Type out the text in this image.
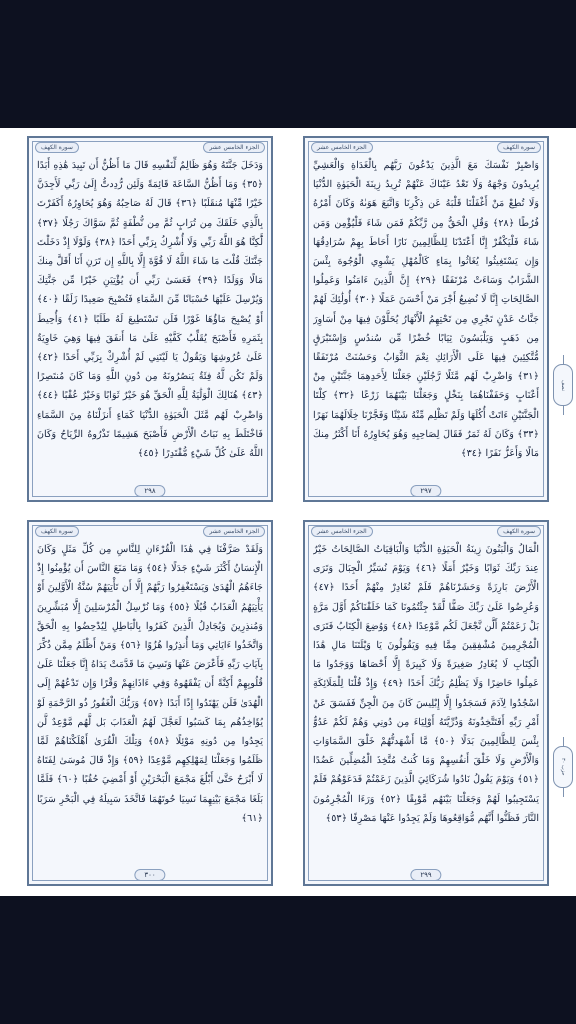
الجزء الخامس عشر	سورة الكهف

وَاصْبِرْ نَفْسَكَ مَعَ الَّذِينَ يَدْعُونَ رَبَّهُم بِالْغَدَاةِ وَالْعَشِيِّ يُرِيدُونَ وَجْهَهُ وَلَا تَعْدُ عَيْنَاكَ عَنْهُمْ تُرِيدُ زِينَةَ الْحَيَوٰةِ الدُّنْيَا وَلَا تُطِعْ مَنْ أَغْفَلْنَا قَلْبَهُ عَن ذِكْرِنَا وَاتَّبَعَ هَوَىٰهُ وَكَانَ أَمْرُهُ فُرُطًا ﴿٢٨﴾ وَقُلِ الْحَقُّ مِن رَّبِّكُمْ فَمَن شَاءَ فَلْيُؤْمِن وَمَن شَاءَ فَلْيَكْفُرْ إِنَّا أَعْتَدْنَا لِلظَّالِمِينَ نَارًا أَحَاطَ بِهِمْ سُرَادِقُهَا وَإِن يَسْتَغِيثُوا يُغَاثُوا بِمَاءٍ كَالْمُهْلِ يَشْوِي الْوُجُوهَ بِئْسَ الشَّرَابُ وَسَاءَتْ مُرْتَفَقًا ﴿٢٩﴾ إِنَّ الَّذِينَ ءَامَنُوا وَعَمِلُوا الصَّالِحَاتِ إِنَّا لَا نُضِيعُ أَجْرَ مَنْ أَحْسَنَ عَمَلًا ﴿٣٠﴾ أُولَٰئِكَ لَهُمْ جَنَّاتُ عَدْنٍ تَجْرِي مِن تَحْتِهِمُ الْأَنْهَارُ يُحَلَّوْنَ فِيهَا مِنْ أَسَاوِرَ مِن ذَهَبٍ وَيَلْبَسُونَ ثِيَابًا خُضْرًا مِّن سُندُسٍ وَإِسْتَبْرَقٍ مُّتَّكِئِينَ فِيهَا عَلَى الْأَرَائِكِ نِعْمَ الثَّوَابُ وَحَسُنَتْ مُرْتَفَقًا ﴿٣١﴾ وَاضْرِبْ لَهُم مَّثَلًا رَّجُلَيْنِ جَعَلْنَا لِأَحَدِهِمَا جَنَّتَيْنِ مِنْ أَعْنَابٍ وَحَفَفْنَاهُمَا بِنَخْلٍ وَجَعَلْنَا بَيْنَهُمَا زَرْعًا ﴿٣٢﴾ كِلْتَا الْجَنَّتَيْنِ ءَاتَتْ أُكُلَهَا وَلَمْ تَظْلِم مِّنْهُ شَيْئًا وَفَجَّرْنَا خِلَالَهُمَا نَهَرًا ﴿٣٣﴾ وَكَانَ لَهُ ثَمَرٌ فَقَالَ لِصَاحِبِهِ وَهُوَ يُحَاوِرُهُ أَنَا أَكْثَرُ مِنكَ مَالًا وَأَعَزُّ نَفَرًا ﴿٣٤﴾

٢٩٧
سورة الكهف	الجزء الخامس عشر

وَدَخَلَ جَنَّتَهُ وَهُوَ ظَالِمٌ لِّنَفْسِهِ قَالَ مَا أَظُنُّ أَن تَبِيدَ هَٰذِهِ أَبَدًا ﴿٣٥﴾ وَمَا أَظُنُّ السَّاعَةَ قَائِمَةً وَلَئِن رُّدِدتُّ إِلَىٰ رَبِّي لَأَجِدَنَّ خَيْرًا مِّنْهَا مُنقَلَبًا ﴿٣٦﴾ قَالَ لَهُ صَاحِبُهُ وَهُوَ يُحَاوِرُهُ أَكَفَرْتَ بِالَّذِي خَلَقَكَ مِن تُرَابٍ ثُمَّ مِن نُّطْفَةٍ ثُمَّ سَوَّاكَ رَجُلًا ﴿٣٧﴾ لَّٰكِنَّا هُوَ اللَّهُ رَبِّي وَلَا أُشْرِكُ بِرَبِّي أَحَدًا ﴿٣٨﴾ وَلَوْلَا إِذْ دَخَلْتَ جَنَّتَكَ قُلْتَ مَا شَاءَ اللَّهُ لَا قُوَّةَ إِلَّا بِاللَّهِ إِن تَرَنِ أَنَا أَقَلَّ مِنكَ مَالًا وَوَلَدًا ﴿٣٩﴾ فَعَسَىٰ رَبِّي أَن يُؤْتِيَنِ خَيْرًا مِّن جَنَّتِكَ وَيُرْسِلَ عَلَيْهَا حُسْبَانًا مِّنَ السَّمَاءِ فَتُصْبِحَ صَعِيدًا زَلَقًا ﴿٤٠﴾ أَوْ يُصْبِحَ مَاؤُهَا غَوْرًا فَلَن تَسْتَطِيعَ لَهُ طَلَبًا ﴿٤١﴾ وَأُحِيطَ بِثَمَرِهِ فَأَصْبَحَ يُقَلِّبُ كَفَّيْهِ عَلَىٰ مَا أَنفَقَ فِيهَا وَهِيَ خَاوِيَةٌ عَلَىٰ عُرُوشِهَا وَيَقُولُ يَا لَيْتَنِي لَمْ أُشْرِكْ بِرَبِّي أَحَدًا ﴿٤٢﴾ وَلَمْ تَكُن لَّهُ فِئَةٌ يَنصُرُونَهُ مِن دُونِ اللَّهِ وَمَا كَانَ مُنتَصِرًا ﴿٤٣﴾ هُنَالِكَ الْوَلَٰيَةُ لِلَّهِ الْحَقِّ هُوَ خَيْرٌ ثَوَابًا وَخَيْرٌ عُقْبًا ﴿٤٤﴾ وَاضْرِبْ لَهُم مَّثَلَ الْحَيَوٰةِ الدُّنْيَا كَمَاءٍ أَنزَلْنَاهُ مِنَ السَّمَاءِ فَاخْتَلَطَ بِهِ نَبَاتُ الْأَرْضِ فَأَصْبَحَ هَشِيمًا تَذْرُوهُ الرِّيَاحُ وَكَانَ اللَّهُ عَلَىٰ كُلِّ شَيْءٍ مُّقْتَدِرًا ﴿٤٥﴾

٢٩٨
الجزء الخامس عشر	سورة الكهف

الْمَالُ وَالْبَنُونَ زِينَةُ الْحَيَوٰةِ الدُّنْيَا وَالْبَاقِيَاتُ الصَّالِحَاتُ خَيْرٌ عِندَ رَبِّكَ ثَوَابًا وَخَيْرٌ أَمَلًا ﴿٤٦﴾ وَيَوْمَ نُسَيِّرُ الْجِبَالَ وَتَرَى الْأَرْضَ بَارِزَةً وَحَشَرْنَاهُمْ فَلَمْ نُغَادِرْ مِنْهُمْ أَحَدًا ﴿٤٧﴾ وَعُرِضُوا عَلَىٰ رَبِّكَ صَفًّا لَّقَدْ جِئْتُمُونَا كَمَا خَلَقْنَاكُمْ أَوَّلَ مَرَّةٍ بَلْ زَعَمْتُمْ أَلَّن نَّجْعَلَ لَكُم مَّوْعِدًا ﴿٤٨﴾ وَوُضِعَ الْكِتَابُ فَتَرَى الْمُجْرِمِينَ مُشْفِقِينَ مِمَّا فِيهِ وَيَقُولُونَ يَا وَيْلَتَنَا مَالِ هَٰذَا الْكِتَابِ لَا يُغَادِرُ صَغِيرَةً وَلَا كَبِيرَةً إِلَّا أَحْصَاهَا وَوَجَدُوا مَا عَمِلُوا حَاضِرًا وَلَا يَظْلِمُ رَبُّكَ أَحَدًا ﴿٤٩﴾ وَإِذْ قُلْنَا لِلْمَلَائِكَةِ اسْجُدُوا لِآدَمَ فَسَجَدُوا إِلَّا إِبْلِيسَ كَانَ مِنَ الْجِنِّ فَفَسَقَ عَنْ أَمْرِ رَبِّهِ أَفَتَتَّخِذُونَهُ وَذُرِّيَّتَهُ أَوْلِيَاءَ مِن دُونِي وَهُمْ لَكُمْ عَدُوٌّ بِئْسَ لِلظَّالِمِينَ بَدَلًا ﴿٥٠﴾ مَّا أَشْهَدتُّهُمْ خَلْقَ السَّمَاوَاتِ وَالْأَرْضِ وَلَا خَلْقَ أَنفُسِهِمْ وَمَا كُنتُ مُتَّخِذَ الْمُضِلِّينَ عَضُدًا ﴿٥١﴾ وَيَوْمَ يَقُولُ نَادُوا شُرَكَائِيَ الَّذِينَ زَعَمْتُمْ فَدَعَوْهُمْ فَلَمْ يَسْتَجِيبُوا لَهُمْ وَجَعَلْنَا بَيْنَهُم مَّوْبِقًا ﴿٥٢﴾ وَرَءَا الْمُجْرِمُونَ النَّارَ فَظَنُّوا أَنَّهُم مُّوَاقِعُوهَا وَلَمْ يَجِدُوا عَنْهَا مَصْرِفًا ﴿٥٣﴾

٢٩٩
سورة الكهف	الجزء الخامس عشر

وَلَقَدْ صَرَّفْنَا فِي هَٰذَا الْقُرْءَانِ لِلنَّاسِ مِن كُلِّ مَثَلٍ وَكَانَ الْإِنسَانُ أَكْثَرَ شَيْءٍ جَدَلًا ﴿٥٤﴾ وَمَا مَنَعَ النَّاسَ أَن يُؤْمِنُوا إِذْ جَاءَهُمُ الْهُدَىٰ وَيَسْتَغْفِرُوا رَبَّهُمْ إِلَّا أَن تَأْتِيَهُمْ سُنَّةُ الْأَوَّلِينَ أَوْ يَأْتِيَهُمُ الْعَذَابُ قُبُلًا ﴿٥٥﴾ وَمَا نُرْسِلُ الْمُرْسَلِينَ إِلَّا مُبَشِّرِينَ وَمُنذِرِينَ وَيُجَادِلُ الَّذِينَ كَفَرُوا بِالْبَاطِلِ لِيُدْحِضُوا بِهِ الْحَقَّ وَاتَّخَذُوا ءَايَاتِي وَمَا أُنذِرُوا هُزُوًا ﴿٥٦﴾ وَمَنْ أَظْلَمُ مِمَّن ذُكِّرَ بِآيَاتِ رَبِّهِ فَأَعْرَضَ عَنْهَا وَنَسِيَ مَا قَدَّمَتْ يَدَاهُ إِنَّا جَعَلْنَا عَلَىٰ قُلُوبِهِمْ أَكِنَّةً أَن يَفْقَهُوهُ وَفِي ءَاذَانِهِمْ وَقْرًا وَإِن تَدْعُهُمْ إِلَى الْهُدَىٰ فَلَن يَهْتَدُوا إِذًا أَبَدًا ﴿٥٧﴾ وَرَبُّكَ الْغَفُورُ ذُو الرَّحْمَةِ لَوْ يُؤَاخِذُهُم بِمَا كَسَبُوا لَعَجَّلَ لَهُمُ الْعَذَابَ بَل لَّهُم مَّوْعِدٌ لَّن يَجِدُوا مِن دُونِهِ مَوْئِلًا ﴿٥٨﴾ وَتِلْكَ الْقُرَىٰ أَهْلَكْنَاهُمْ لَمَّا ظَلَمُوا وَجَعَلْنَا لِمَهْلِكِهِم مَّوْعِدًا ﴿٥٩﴾ وَإِذْ قَالَ مُوسَىٰ لِفَتَاهُ لَا أَبْرَحُ حَتَّىٰ أَبْلُغَ مَجْمَعَ الْبَحْرَيْنِ أَوْ أَمْضِيَ حُقُبًا ﴿٦٠﴾ فَلَمَّا بَلَغَا مَجْمَعَ بَيْنِهِمَا نَسِيَا حُوتَهُمَا فَاتَّخَذَ سَبِيلَهُ فِي الْبَحْرِ سَرَبًا ﴿٦١﴾

٣٠٠
نصف
حزب ٣٠
